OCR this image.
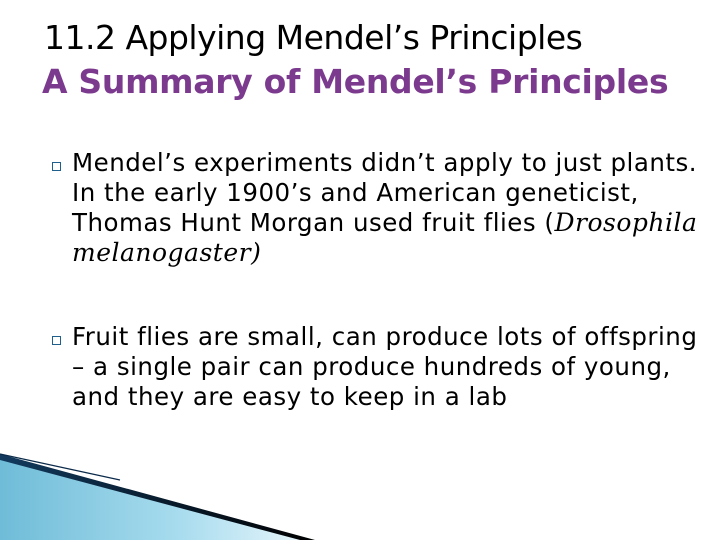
11.2 Applying Mendel’s Principles
A Summary of Mendel’s Principles
Mendel’s experiments didn’t apply to just plants. In the early 1900’s and American geneticist, Thomas Hunt Morgan used fruit flies (Drosophila melanogaster)
Fruit flies are small, can produce lots of offspring – a single pair can produce hundreds of young, and they are easy to keep in a lab
